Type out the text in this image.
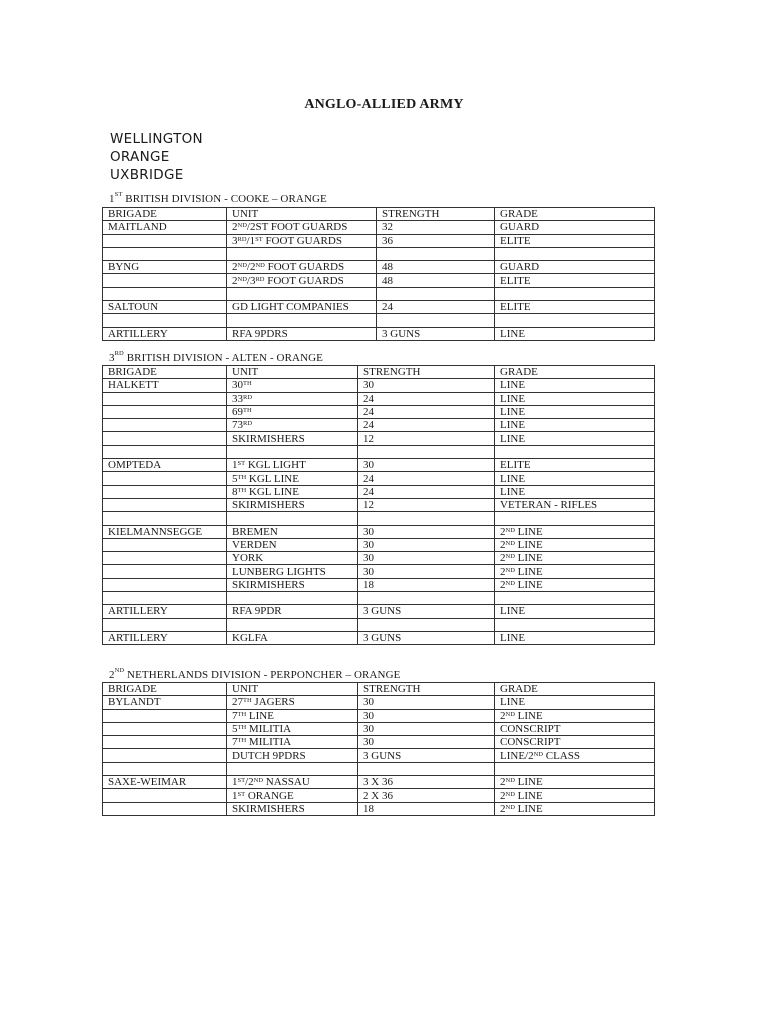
ANGLO-ALLIED ARMY
WELLINGTON
ORANGE
UXBRIDGE
1ST BRITISH DIVISION - COOKE – ORANGE
BRIGADE	UNIT	STRENGTH	GRADE
MAITLAND	2ND/2ST FOOT GUARDS	32	GUARD
	3RD/1ST FOOT GUARDS	36	ELITE

BYNG	2ND/2ND FOOT GUARDS	48	GUARD
	2ND/3RD FOOT GUARDS	48	ELITE

SALTOUN	GD LIGHT COMPANIES	24	ELITE

ARTILLERY	RFA 9PDRS	3 GUNS	LINE
3RD BRITISH DIVISION - ALTEN - ORANGE
BRIGADE	UNIT	STRENGTH	GRADE
HALKETT	30TH	30	LINE
	33RD	24	LINE
	69TH	24	LINE
	73RD	24	LINE
	SKIRMISHERS	12	LINE

OMPTEDA	1ST KGL LIGHT	30	ELITE
	5TH KGL LINE	24	LINE
	8TH KGL LINE	24	LINE
	SKIRMISHERS	12	VETERAN - RIFLES

KIELMANNSEGGE	BREMEN	30	2ND LINE
	VERDEN	30	2ND LINE
	YORK	30	2ND LINE
	LUNBERG LIGHTS	30	2ND LINE
	SKIRMISHERS	18	2ND LINE

ARTILLERY	RFA 9PDR	3 GUNS	LINE

ARTILLERY	KGLFA	3 GUNS	LINE
2ND NETHERLANDS DIVISION - PERPONCHER – ORANGE
BRIGADE	UNIT	STRENGTH	GRADE
BYLANDT	27TH JAGERS	30	LINE
	7TH LINE	30	2ND LINE
	5TH MILITIA	30	CONSCRIPT
	7TH MILITIA	30	CONSCRIPT
	DUTCH 9PDRS	3 GUNS	LINE/2ND CLASS

SAXE-WEIMAR	1ST/2ND NASSAU	3 X 36	2ND LINE
	1ST ORANGE	2 X 36	2ND LINE
	SKIRMISHERS	18	2ND LINE
